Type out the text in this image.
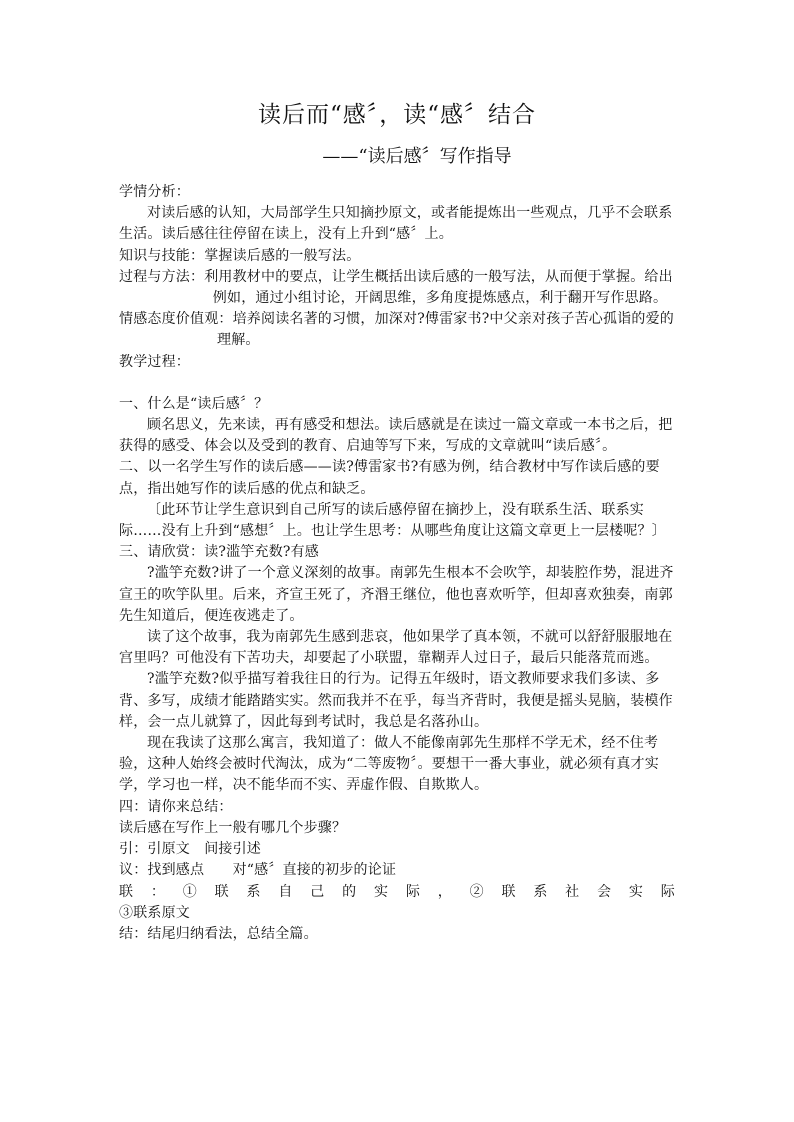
读后而“感〞，读“感〞结合
——“读后感〞写作指导

学情分析：

对读后感的认知，大局部学生只知摘抄原文，或者能提炼出一些观点，几乎不会联系生活。读后感往往停留在读上，没有上升到“感〞上。

知识与技能：掌握读后感的一般写法。

过程与方法：利用教材中的要点，让学生概括出读后感的一般写法，从而便于掌握。给出例如，通过小组讨论，开阔思维，多角度提炼感点，利于翻开写作思路。

情感态度价值观：培养阅读名著的习惯，加深对?傅雷家书?中父亲对孩子苦心孤诣的爱的理解。

教学过程：

一、什么是“读后感〞？

顾名思义，先来读，再有感受和想法。读后感就是在读过一篇文章或一本书之后，把获得的感受、体会以及受到的教育、启迪等写下来，写成的文章就叫“读后感〞。

二、以一名学生写作的读后感——读?傅雷家书?有感为例，结合教材中写作读后感的要点，指出她写作的读后感的优点和缺乏。

〔此环节让学生意识到自己所写的读后感停留在摘抄上，没有联系生活、联系实际……没有上升到“感想〞上。也让学生思考：从哪些角度让这篇文章更上一层楼呢？〕

三、请欣赏：读?滥竽充数?有感

?滥竽充数?讲了一个意义深刻的故事。南郭先生根本不会吹竽，却装腔作势，混进齐宣王的吹竽队里。后来，齐宣王死了，齐湣王继位，他也喜欢听竽，但却喜欢独奏，南郭先生知道后，便连夜逃走了。

读了这个故事，我为南郭先生感到悲哀，他如果学了真本领，不就可以舒舒服服地在宫里吗？可他没有下苦功夫，却要起了小联盟，靠糊弄人过日子，最后只能落荒而逃。

?滥竽充数?似乎描写着我往日的行为。记得五年级时，语文教师要求我们多读、多背、多写，成绩才能踏踏实实。然而我并不在乎，每当齐背时，我便是摇头晃脑，装模作样，会一点儿就算了，因此每到考试时，我总是名落孙山。

现在我读了这那么寓言，我知道了：做人不能像南郭先生那样不学无术，经不住考验，这种人始终会被时代淘汰，成为“二等废物〞。要想干一番大事业，就必须有真才实学，学习也一样，决不能华而不实、弄虚作假、自欺欺人。

四：请你来总结：

读后感在写作上一般有哪几个步骤？

引：引原文　间接引述

议：找到感点　　对“感〞直接的初步的论证

联 ： ① 联 系 自 己 的 实 际 ， ② 联 系 社 会 实 际

③联系原文

结：结尾归纳看法，总结全篇。
